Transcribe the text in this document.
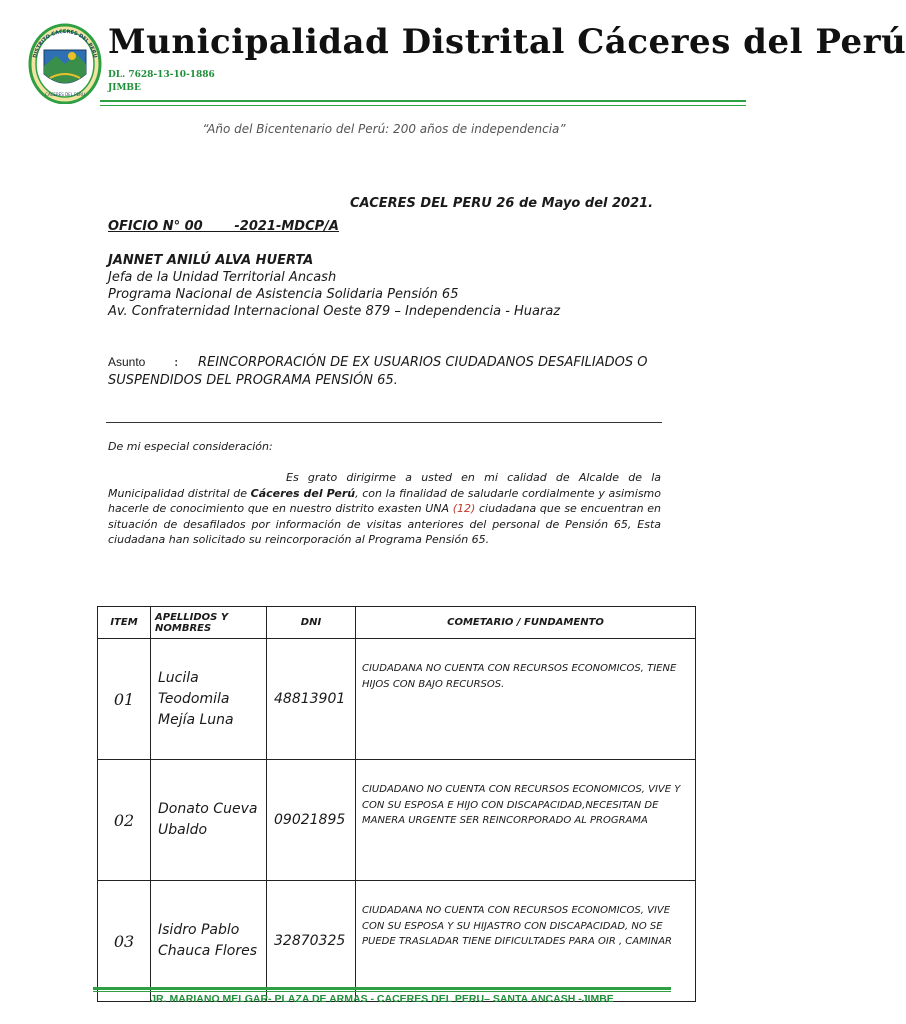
DISTRITO CACERES DEL PERU
CACERES DEL PERU
Municipalidad Distrital Cáceres del Perú
DL. 7628-13-10-1886
JIMBE
“Año del Bicentenario del Perú: 200 años de independencia”
CACERES DEL PERU 26 de Mayo del 2021.
OFICIO N° 00       -2021-MDCP/A
JANNET ANILÚ ALVA HUERTA
Jefa de la Unidad Territorial Ancash
Programa Nacional de Asistencia Solidaria Pensión 65
Av. Confraternidad Internacional Oeste 879 – Independencia - Huaraz
Asunto :	REINCORPORACIÓN DE EX USUARIOS CIUDADANOS DESAFILIADOS O SUSPENDIDOS DEL PROGRAMA PENSIÓN 65.
De mi especial consideración:
Es grato dirigirme a usted en mi calidad de Alcalde de la Municipalidad distrital de Cáceres del Perú, con la finalidad de saludarle cordialmente y asimismo hacerle de conocimiento que en nuestro distrito exasten UNA (12) ciudadana que se encuentran en situación de desafilados por información de visitas anteriores del personal de Pensión 65, Esta ciudadana han solicitado su reincorporación al Programa Pensión 65.
ITEM	APELLIDOS Y NOMBRES	DNI	COMETARIO / FUNDAMENTO
01	Lucila Teodomila Mejía Luna	48813901	CIUDADANA NO CUENTA CON RECURSOS ECONOMICOS, TIENE HIJOS CON BAJO RECURSOS.
02	Donato Cueva Ubaldo	09021895	CIUDADANO NO CUENTA CON RECURSOS ECONOMICOS, VIVE Y CON SU ESPOSA E HIJO CON DISCAPACIDAD,NECESITAN DE MANERA URGENTE SER REINCORPORADO AL PROGRAMA
03	Isidro Pablo Chauca Flores	32870325	CIUDADANA NO CUENTA CON RECURSOS ECONOMICOS, VIVE CON SU ESPOSA Y SU HIJASTRO CON DISCAPACIDAD, NO SE PUEDE TRASLADAR TIENE DIFICULTADES PARA OIR , CAMINAR
JR. MARIANO MELGAR- PLAZA DE ARMAS - CACERES DEL PERU– SANTA ANCASH -JIMBE
